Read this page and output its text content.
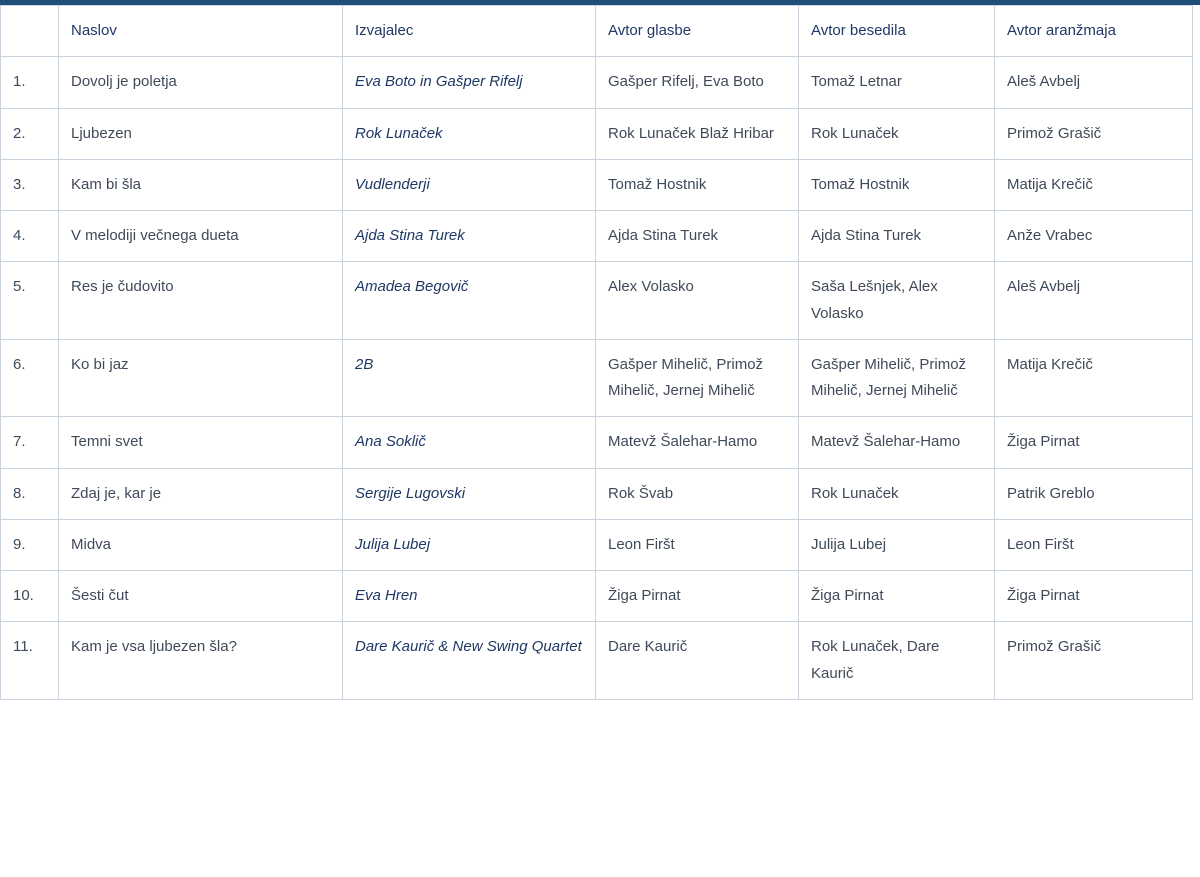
	Naslov	Izvajalec	Avtor glasbe	Avtor besedila	Avtor aranžmaja
1.	Dovolj je poletja	Eva Boto in Gašper Rifelj	Gašper Rifelj, Eva Boto	Tomaž Letnar	Aleš Avbelj
2.	Ljubezen	Rok Lunaček	Rok Lunaček Blaž Hribar	Rok Lunaček	Primož Grašič
3.	Kam bi šla	Vudlenderji	Tomaž Hostnik	Tomaž Hostnik	Matija Krečič
4.	V melodiji večnega dueta	Ajda Stina Turek	Ajda Stina Turek	Ajda Stina Turek	Anže Vrabec
5.	Res je čudovito	Amadea Begovič	Alex Volasko	Saša Lešnjek, Alex Volasko	Aleš Avbelj
6.	Ko bi jaz	2B	Gašper Mihelič, Primož Mihelič, Jernej Mihelič	Gašper Mihelič, Primož Mihelič, Jernej Mihelič	Matija Krečič
7.	Temni svet	Ana Soklič	Matevž Šalehar-Hamo	Matevž Šalehar-Hamo	Žiga Pirnat
8.	Zdaj je, kar je	Sergije Lugovski	Rok Švab	Rok Lunaček	Patrik Greblo
9.	Midva	Julija Lubej	Leon Firšt	Julija Lubej	Leon Firšt
10.	Šesti čut	Eva Hren	Žiga Pirnat	Žiga Pirnat	Žiga Pirnat
11.	Kam je vsa ljubezen šla?	Dare Kaurič & New Swing Quartet	Dare Kaurič	Rok Lunaček, Dare Kaurič	Primož Grašič
